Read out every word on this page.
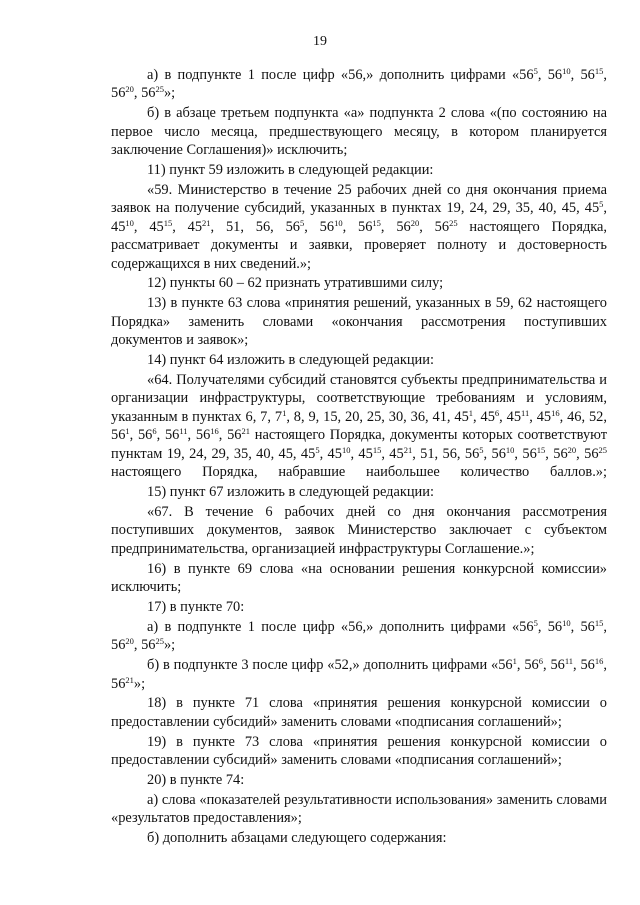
19

а) в подпункте 1 после цифр «56,» дополнить цифрами «$56^5$, $56^{10}$, $56^{15}$, $56^{20}$, $56^{25}$»;

б) в абзаце третьем подпункта «а» подпункта 2 слова «(по состоянию на первое число месяца, предшествующего месяцу, в котором планируется заключение Соглашения)» исключить;

11) пункт 59 изложить в следующей редакции:

«59. Министерство в течение 25 рабочих дней со дня окончания приема заявок на получение субсидий, указанных в пунктах 19, 24, 29, 35, 40, 45, $45^5$, $45^{10}$, $45^{15}$, $45^{21}$, 51, 56, $56^5$, $56^{10}$, $56^{15}$, $56^{20}$, $56^{25}$ настоящего Порядка, рассматривает документы и заявки, проверяет полноту и достоверность содержащихся в них сведений.»;

12) пункты 60 – 62 признать утратившими силу;

13) в пункте 63 слова «принятия решений, указанных в 59, 62 настоящего Порядка» заменить словами «окончания рассмотрения поступивших документов и заявок»;

14) пункт 64 изложить в следующей редакции:

«64. Получателями субсидий становятся субъекты предпринимательства и организации инфраструктуры, соответствующие требованиям и условиям, указанным в пунктах 6, 7, $7^1$, 8, 9, 15, 20, 25, 30, 36, 41, $45^1$, $45^6$, $45^{11}$, $45^{16}$, 46, 52, $56^1$, $56^6$, $56^{11}$, $56^{16}$, $56^{21}$ настоящего Порядка, документы которых соответствуют пунктам 19, 24, 29, 35, 40, 45, $45^5$, $45^{10}$, $45^{15}$, $45^{21}$, 51, 56, $56^5$, $56^{10}$, $56^{15}$, $56^{20}$, $56^{25}$ настоящего Порядка, набравшие наибольшее количество баллов.»;

15) пункт 67 изложить в следующей редакции:

«67. В течение 6 рабочих дней со дня окончания рассмотрения поступивших документов, заявок Министерство заключает с субъектом предпринимательства, организацией инфраструктуры Соглашение.»;

16) в пункте 69 слова «на основании решения конкурсной комиссии» исключить;

17) в пункте 70:

а) в подпункте 1 после цифр «56,» дополнить цифрами «$56^5$, $56^{10}$, $56^{15}$, $56^{20}$, $56^{25}$»;

б) в подпункте 3 после цифр «52,» дополнить цифрами «$56^1$, $56^6$, $56^{11}$, $56^{16}$, $56^{21}$»;

18) в пункте 71 слова «принятия решения конкурсной комиссии о предоставлении субсидий» заменить словами «подписания соглашений»;

19) в пункте 73 слова «принятия решения конкурсной комиссии о предоставлении субсидий» заменить словами «подписания соглашений»;

20) в пункте 74:

а) слова «показателей результативности использования» заменить словами «результатов предоставления»;

б) дополнить абзацами следующего содержания:
